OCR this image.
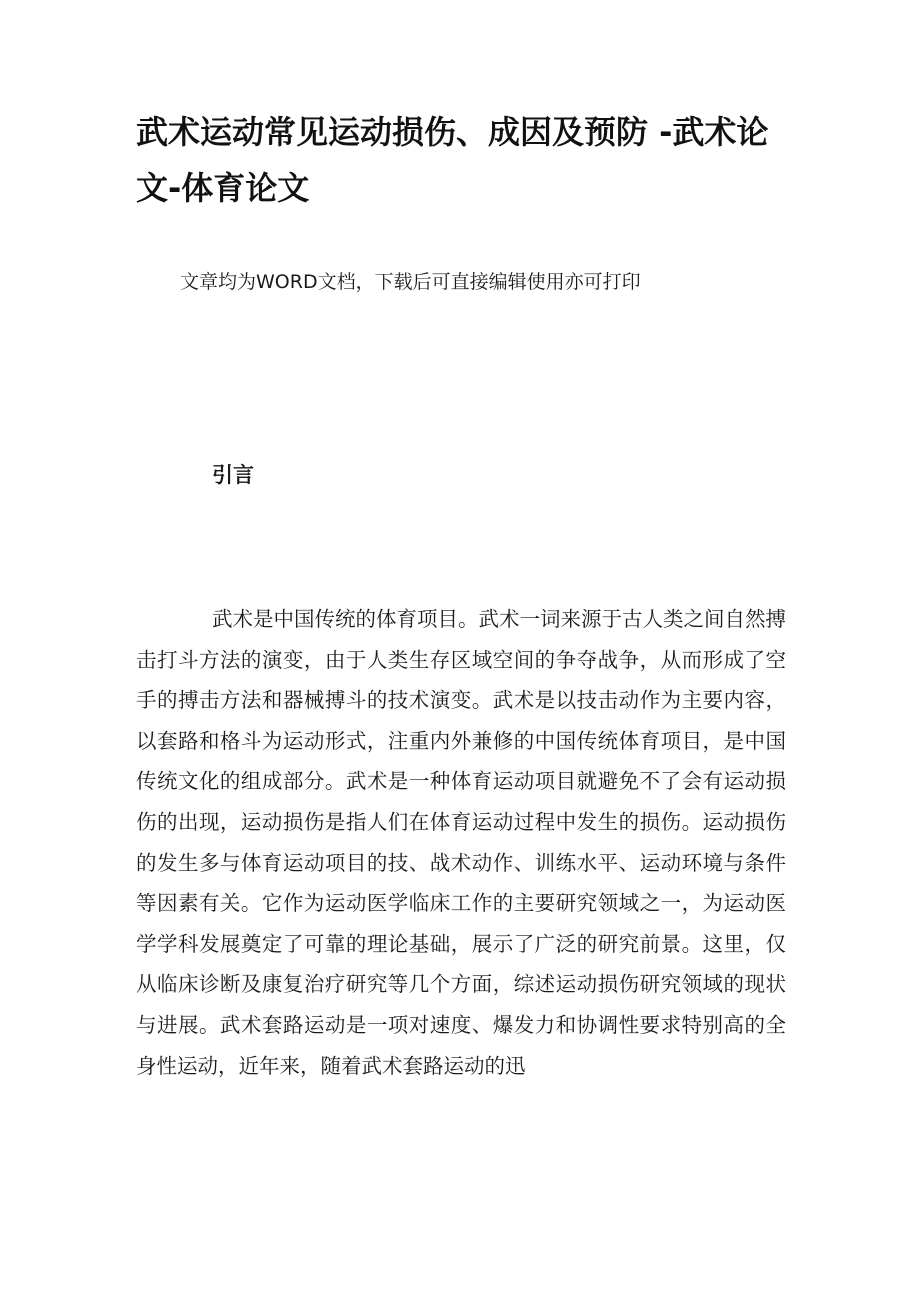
武术运动常见运动损伤、成因及预防 -武术论文-体育论文

文章均为WORD文档，下载后可直接编辑使用亦可打印

引言

武术是中国传统的体育项目。武术一词来源于古人类之间自然搏击打斗方法的演变，由于人类生存区域空间的争夺战争，从而形成了空手的搏击方法和器械搏斗的技术演变。武术是以技击动作为主要内容，以套路和格斗为运动形式，注重内外兼修的中国传统体育项目，是中国传统文化的组成部分。武术是一种体育运动项目就避免不了会有运动损伤的出现，运动损伤是指人们在体育运动过程中发生的损伤。运动损伤的发生多与体育运动项目的技、战术动作、训练水平、运动环境与条件等因素有关。它作为运动医学临床工作的主要研究领域之一，为运动医学学科发展奠定了可靠的理论基础，展示了广泛的研究前景。这里，仅从临床诊断及康复治疗研究等几个方面，综述运动损伤研究领域的现状与进展。武术套路运动是一项对速度、爆发力和协调性要求特别高的全身性运动，近年来，随着武术套路运动的迅
